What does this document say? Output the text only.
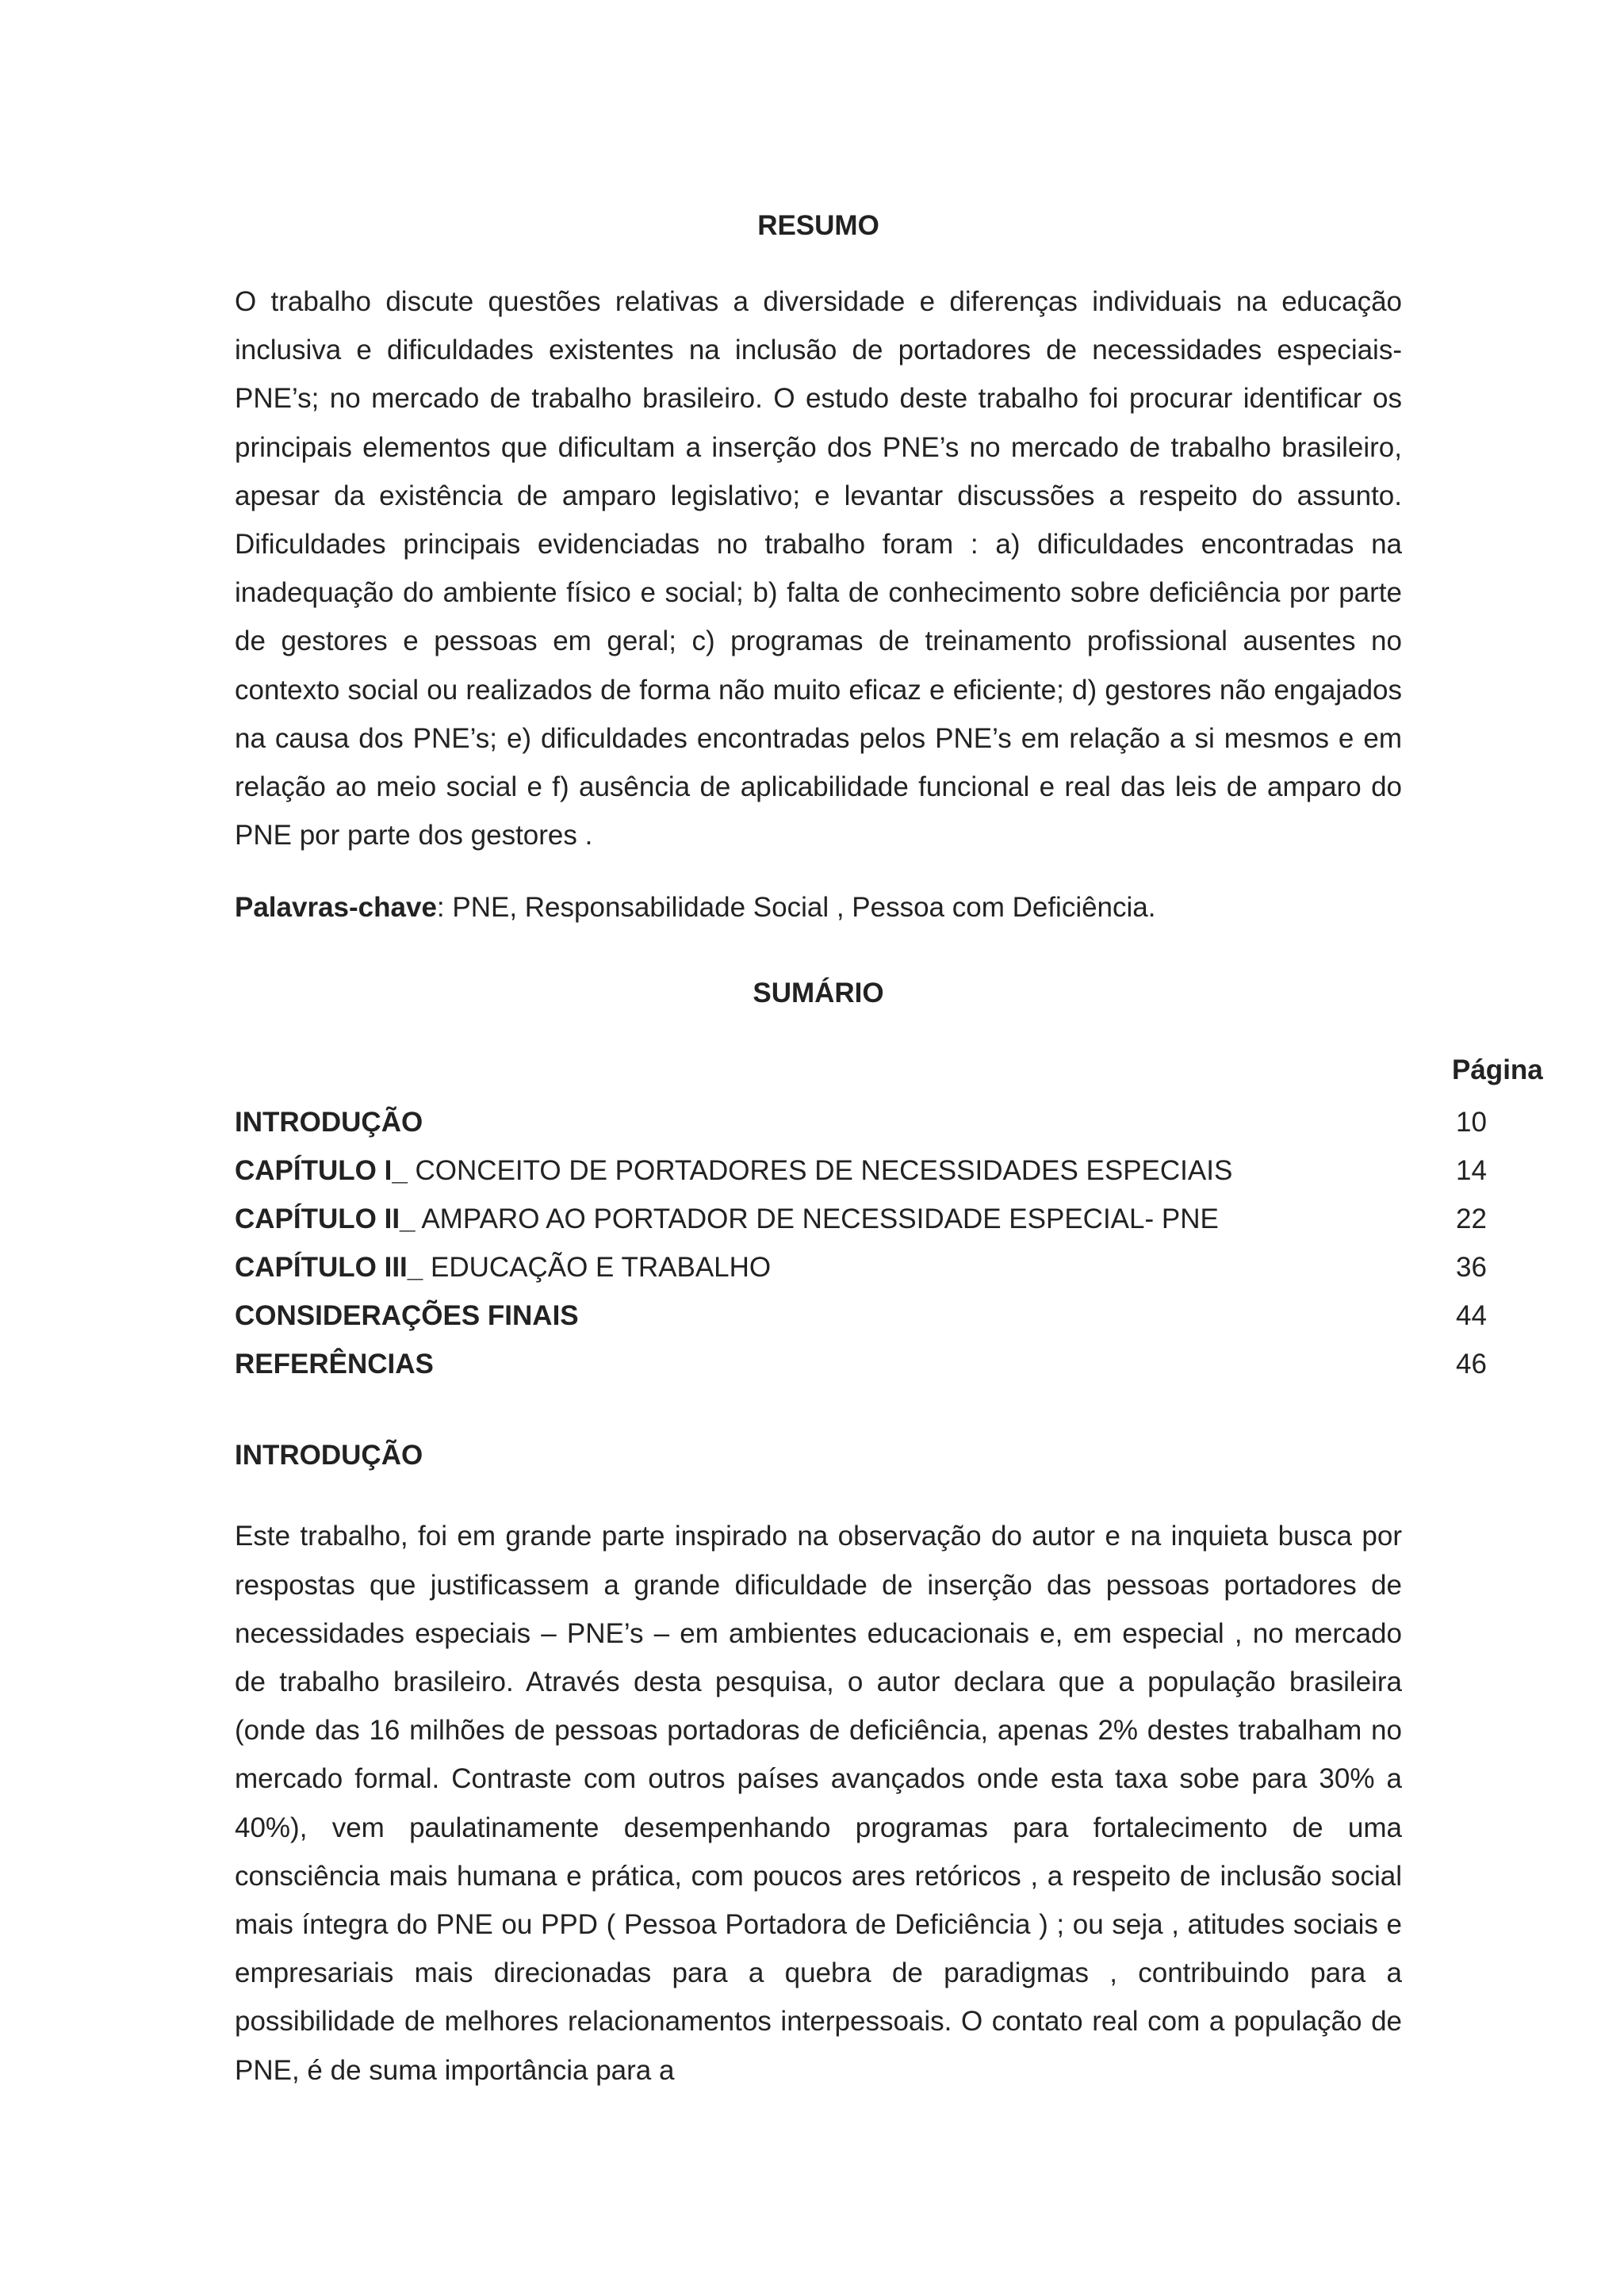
RESUMO

O trabalho discute questões relativas a diversidade e diferenças individuais na educação inclusiva e dificuldades existentes na inclusão de portadores de necessidades especiais-PNE’s; no mercado de trabalho brasileiro. O estudo deste trabalho foi procurar identificar os principais elementos que dificultam a inserção dos PNE’s no mercado de trabalho brasileiro, apesar da existência de amparo legislativo; e levantar discussões a respeito do assunto. Dificuldades principais evidenciadas no trabalho foram : a) dificuldades encontradas na inadequação do ambiente físico e social; b) falta de conhecimento sobre deficiência por parte de gestores e pessoas em geral; c) programas de treinamento profissional ausentes no contexto social ou realizados de forma não muito eficaz e eficiente; d) gestores não engajados na causa dos PNE’s; e) dificuldades encontradas pelos PNE’s em relação a si mesmos e em relação ao meio social e f) ausência de aplicabilidade funcional e real das leis de amparo do PNE por parte dos gestores .

Palavras-chave: PNE, Responsabilidade Social , Pessoa com Deficiência.

SUMÁRIO
Página
INTRODUÇÃO	10
CAPÍTULO I_ CONCEITO DE PORTADORES DE NECESSIDADES ESPECIAIS	14
CAPÍTULO II_ AMPARO AO PORTADOR DE NECESSIDADE ESPECIAL- PNE	22
CAPÍTULO III_ EDUCAÇÃO E TRABALHO	36
CONSIDERAÇÕES FINAIS	44
REFERÊNCIAS	46
INTRODUÇÃO

Este trabalho, foi em grande parte inspirado na observação do autor e na inquieta busca por respostas que justificassem a grande dificuldade de inserção das pessoas portadores de necessidades especiais – PNE’s – em ambientes educacionais e, em especial , no mercado de trabalho brasileiro. Através desta pesquisa, o autor declara que a população brasileira (onde das 16 milhões de pessoas portadoras de deficiência, apenas 2% destes trabalham no mercado formal. Contraste com outros países avançados onde esta taxa sobe para 30% a 40%), vem paulatinamente desempenhando programas para fortalecimento de uma consciência mais humana e prática, com poucos ares retóricos , a respeito de inclusão social mais íntegra do PNE ou PPD ( Pessoa Portadora de Deficiência ) ; ou seja , atitudes sociais e empresariais mais direcionadas para a quebra de paradigmas , contribuindo para a possibilidade de melhores relacionamentos interpessoais. O contato real com a população de PNE, é de suma importância para a
